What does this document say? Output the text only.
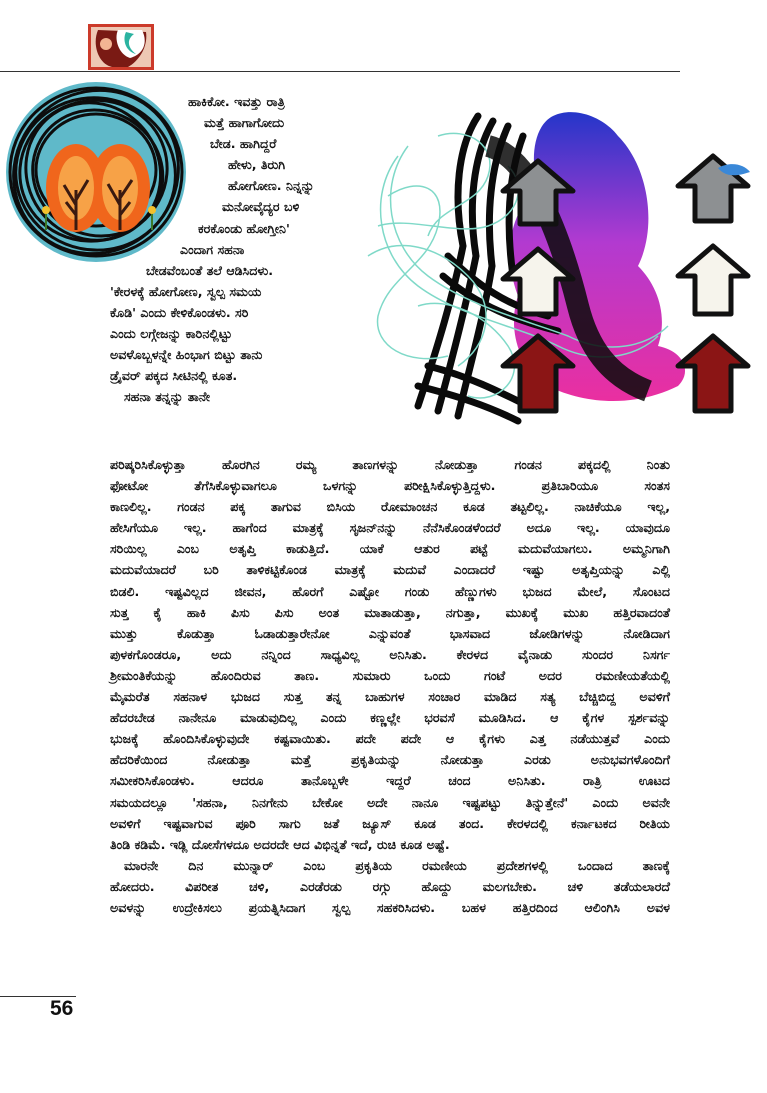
ಹಾಕಿಕೋ. ಇವತ್ತು ರಾತ್ರಿ
ಮತ್ತೆ ಹಾಗಾಗೋದು
ಬೇಡ. ಹಾಗಿದ್ದರೆ
ಹೇಳು, ತಿರುಗಿ
ಹೋಗೋಣ. ನಿನ್ನನ್ನು
ಮನೋವೈದ್ಯರ ಬಳಿ
ಕರಕೊಂಡು ಹೋಗ್ತೀನಿ'
ಎಂದಾಗ ಸಹನಾ
ಬೇಡವೆಂಬಂತೆ ತಲೆ ಆಡಿಸಿದಳು.
'ಕೇರಳಕ್ಕೆ ಹೋಗೋಣ, ಸ್ವಲ್ಪ ಸಮಯ
ಕೊಡಿ' ಎಂದು ಕೇಳಿಕೊಂಡಳು. ಸರಿ
ಎಂದು ಲಗ್ಗೇಜನ್ನು ಕಾರಿನಲ್ಲಿಟ್ಟು
ಅವಳೊಬ್ಬಳನ್ನೇ ಹಿಂಭಾಗ ಬಿಟ್ಟು ತಾನು
ಡ್ರೈವರ್ ಪಕ್ಕದ ಸೀಟಿನಲ್ಲಿ ಕೂತ.
ಸಹನಾ ತನ್ನನ್ನು ತಾನೇ
ಪರಿಷ್ಕರಿಸಿಕೊಳ್ಳುತ್ತಾ ಹೊರಗಿನ ರಮ್ಯ ತಾಣಗಳನ್ನು ನೋಡುತ್ತಾ ಗಂಡನ ಪಕ್ಕದಲ್ಲಿ ನಿಂತು
ಫೋಟೋ ತೆಗೆಸಿಕೊಳ್ಳುವಾಗಲೂ ಒಳಗನ್ನು ಪರೀಕ್ಷಿಸಿಕೊಳ್ಳುತ್ತಿದ್ದಳು. ಪ್ರತಿಬಾರಿಯೂ ಸಂತಸ
ಕಾಣಲಿಲ್ಲ. ಗಂಡನ ಪಕ್ಕ ತಾಗುವ ಬಿಸಿಯ ರೋಮಾಂಚನ ಕೂಡ ತಟ್ಟಲಿಲ್ಲ. ನಾಚಿಕೆಯೂ ಇಲ್ಲ,
ಹೇಸಿಗೆಯೂ ಇಲ್ಲ. ಹಾಗೆಂದ ಮಾತ್ರಕ್ಕೆ ಸೃಜನ್‌ನನ್ನು ನೆನೆಸಿಕೊಂಡಳೆಂದರೆ ಅದೂ ಇಲ್ಲ. ಯಾವುದೂ
ಸರಿಯಿಲ್ಲ ಎಂಬ ಅತೃಪ್ತಿ ಕಾಡುತ್ತಿದೆ. ಯಾಕೆ ಆತುರ ಪಟ್ಟೆ ಮದುವೆಯಾಗಲು. ಅಮ್ಮನಿಗಾಗಿ
ಮದುವೆಯಾದರೆ ಬರಿ ತಾಳಿಕಟ್ಟಿಕೊಂಡ ಮಾತ್ರಕ್ಕೆ ಮದುವೆ ಎಂದಾದರೆ ಇಷ್ಟು ಅತೃಪ್ತಿಯನ್ನು ಎಲ್ಲಿ
ಬಿಡಲಿ. ಇಷ್ಟವಿಲ್ಲದ ಜೀವನ, ಹೊರಗೆ ಎಷ್ಟೋ ಗಂಡು ಹೆಣ್ಣುಗಳು ಭುಜದ ಮೇಲೆ, ಸೊಂಟದ
ಸುತ್ತ ಕೈ ಹಾಕಿ ಪಿಸು ಪಿಸು ಅಂತ ಮಾತಾಡುತ್ತಾ, ನಗುತ್ತಾ, ಮುಖಕ್ಕೆ ಮುಖ ಹತ್ತಿರವಾದಂತೆ
ಮುತ್ತು ಕೊಡುತ್ತಾ ಓಡಾಡುತ್ತಾರೇನೋ ಎನ್ನುವಂತೆ ಭಾಸವಾದ ಜೋಡಿಗಳನ್ನು ನೋಡಿದಾಗ
ಪುಳಕಗೊಂಡರೂ, ಅದು ನನ್ನಿಂದ ಸಾಧ್ಯವಿಲ್ಲ ಅನಿಸಿತು. ಕೇರಳದ ವೈನಾಡು ಸುಂದರ ನಿಸರ್ಗ
ಶ್ರೀಮಂತಿಕೆಯನ್ನು ಹೊಂದಿರುವ ತಾಣ. ಸುಮಾರು ಒಂದು ಗಂಟೆ ಅದರ ರಮಣೀಯತೆಯಲ್ಲಿ
ಮೈಮರೆತ ಸಹನಾಳ ಭುಜದ ಸುತ್ತ ತನ್ನ ಬಾಹುಗಳ ಸಂಚಾರ ಮಾಡಿದ ಸತ್ಯ ಬೆಚ್ಚಿಬಿದ್ದ ಅವಳಿಗೆ
ಹೆದರಬೇಡ ನಾನೇನೂ ಮಾಡುವುದಿಲ್ಲ ಎಂದು ಕಣ್ಣಲ್ಲೇ ಭರವಸೆ ಮೂಡಿಸಿದ. ಆ ಕೈಗಳ ಸ್ಪರ್ಶವನ್ನು
ಭುಜಕ್ಕೆ ಹೊಂದಿಸಿಕೊಳ್ಳುವುದೇ ಕಷ್ಟವಾಯಿತು. ಪದೇ ಪದೇ ಆ ಕೈಗಳು ಎತ್ತ ನಡೆಯುತ್ತವೆ ಎಂದು
ಹೆದರಿಕೆಯಿಂದ ನೋಡುತ್ತಾ ಮತ್ತೆ ಪ್ರಕೃತಿಯನ್ನು ನೋಡುತ್ತಾ ಎರಡು ಅನುಭವಗಳೊಂದಿಗೆ
ಸಮೀಕರಿಸಿಕೊಂಡಳು. ಆದರೂ ತಾನೊಬ್ಬಳೇ ಇದ್ದರೆ ಚಂದ ಅನಿಸಿತು. ರಾತ್ರಿ ಊಟದ
ಸಮಯದಲ್ಲೂ 'ಸಹನಾ, ನಿನಗೇನು ಬೇಕೋ ಅದೇ ನಾನೂ ಇಷ್ಟಪಟ್ಟು ತಿನ್ನುತ್ತೇನೆ' ಎಂದು ಅವನೇ
ಅವಳಿಗೆ ಇಷ್ಟವಾಗುವ ಪೂರಿ ಸಾಗು ಜತೆ ಜ್ಯೂಸ್ ಕೂಡ ತಂದ. ಕೇರಳದಲ್ಲಿ ಕರ್ನಾಟಕದ ರೀತಿಯ
ತಿಂಡಿ ಕಡಿಮೆ. ಇಡ್ಲಿ ದೋಸೆಗಳದೂ ಅದರದೇ ಆದ ವಿಭಿನ್ನತೆ ಇದೆ, ರುಚಿ ಕೂಡ ಅಷ್ಟೆ.
ಮಾರನೇ ದಿನ ಮುನ್ನಾರ್ ಎಂಬ ಪ್ರಕೃತಿಯ ರಮಣೀಯ ಪ್ರದೇಶಗಳಲ್ಲಿ ಒಂದಾದ ತಾಣಕ್ಕೆ
ಹೋದರು. ವಿಪರೀತ ಚಳಿ, ಎರಡೆರಡು ರಗ್ಗು ಹೊದ್ದು ಮಲಗಬೇಕು. ಚಳಿ ತಡೆಯಲಾರದೆ
ಅವಳನ್ನು ಉದ್ರೇಕಿಸಲು ಪ್ರಯತ್ನಿಸಿದಾಗ ಸ್ವಲ್ಪ ಸಹಕರಿಸಿದಳು. ಬಹಳ ಹತ್ತಿರದಿಂದ ಆಲಿಂಗಿಸಿ ಅವಳ
56
